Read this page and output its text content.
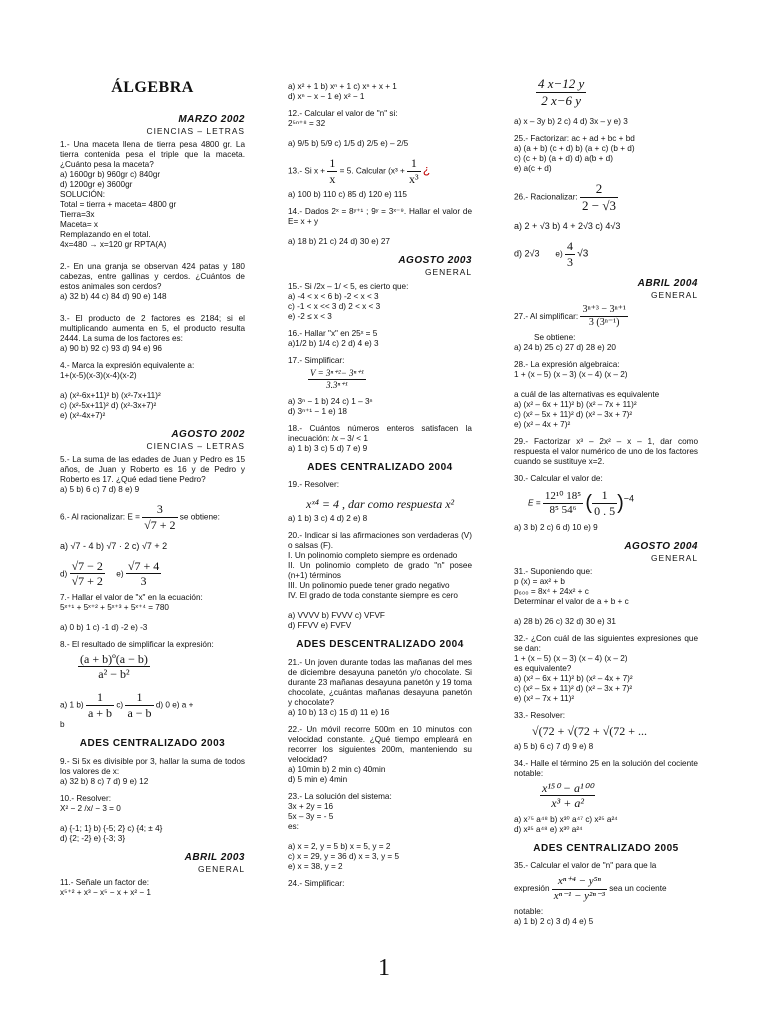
ÁLGEBRA
MARZO 2002
CIENCIAS – LETRAS

1.- Una maceta llena de tierra pesa 4800 gr. La tierra contenida pesa el triple que la maceta. ¿Cuánto pesa la maceta?
a) 1600gr b) 960gr c) 840gr
d) 1200gr e) 3600gr
SOLUCIÓN:
Total = tierra + maceta= 4800 gr
Tierra=3x
Maceta= x
Remplazando en el total.
4x=480 → x=120 gr RPTA(A)

2.- En una granja se observan 424 patas y 180 cabezas, entre gallinas y cerdos. ¿Cuántos de estos animales son cerdos?
a) 32 b) 44 c) 84 d) 90 e) 148

3.- El producto de 2 factores es 2184; si el multiplicando aumenta en 5, el producto resulta 2444. La suma de los factores es:
a) 90 b) 92 c) 93 d) 94 e) 96

4.- Marca la expresión equivalente a:
1+(x-5)(x-3)(x-4)(x-2)

a) (x²-6x+11)² b) (x²-7x+11)²
c) (x²-5x+11)² d) (x²-3x+7)²
e) (x²-4x+7)²

AGOSTO 2002
CIENCIAS – LETRAS

5.- La suma de las edades de Juan y Pedro es 15 años, de Juan y Roberto es 16 y de Pedro y Roberto es 17. ¿Qué edad tiene Pedro?
a) 5 b) 6 c) 7 d) 8 e) 9

6.- Al racionalizar: $E = \frac{3}{√7 + 2}$ se obtiene:
a) √7 - 4 b) √7 · 2 c) √7 + 2
$d) \frac{√7 - 2}{√7 + 2} e) \frac{√7 + 4}{3}$

7.- Hallar el valor de "x" en la ecuación:
5ˣ⁺¹ + 5ˣ⁺² + 5ˣ⁺³ + 5ˣ⁺⁴ = 780

a) 0 b) 1 c) -1 d) -2 e) -3

8.- El resultado de simplificar la expresión:

$\frac{\text{(a + b)º(a − b)}}{\text{a² − b²}}$
a) 1 $b) \frac{1}{a + b} c) \frac{1}{a - b} d$) 0 e) a +
b
ADES CENTRALIZADO 2003

9.- Si 5x es divisible por 3, hallar la suma de todos los valores de x:
a) 32 b) 8 c) 7 d) 9 e) 12

10.- Resolver:
X² − 2 /x/ − 3 = 0

a) {-1; 1} b) {-5; 2} c) {4; ± 4}
d) {2; -2} e) {-3; 3}

ABRIL 2003
GENERAL

11.- Señale un factor de:
x⁵⁺² + x³ − x⁵ − x + x² − 1

a) x² + 1 b) xⁿ + 1 c) xⁿ + x + 1
d) xⁿ − x − 1 e) x² − 1

12.- Calcular el valor de "n" si:
2⁵ⁿ⁺⁸ = 32

a) 9/5 b) 5/9 c) 1/5 d) 2/5 e) – 2/5

13.- Si $x + \frac{1}{x} = 5$. Calcular ($x^3 + \frac{1}{\text{x³}}$ ¿

a) 100 b) 110 c) 85 d) 120 e) 115

14.- Dados 2ˣ = 8ʸ⁺¹ ; 9ʸ = 3ˣ⁻⁹. Hallar el valor de E= x + y

a) 18 b) 21 c) 24 d) 30 e) 27

AGOSTO 2003
GENERAL

15.- Si /2x – 1/ < 5, es cierto que:
a) -4 < x < 6 b) -2 < x < 3
c) -1 < x << 3 d) 2 < x < 3
e) -2 ≤ x < 3

16.- Hallar "x" en 25ˣ = 5
a)1/2 b) 1/4 c) 2 d) 4 e) 3

17.- Simplificar:

$\frac{\text{V = 3ⁿ⁺²− 3ⁿ⁺¹}}{\text{3.3ⁿ⁺¹}}$

a) 3ⁿ − 1 b) 24 c) 1 – 3ⁿ
d) 3ⁿ⁺¹ − 1 e) 18

18.- Cuántos números enteros satisfacen la inecuación: /x – 3/ < 1
a) 1 b) 3 c) 5 d) 7 e) 9

ADES CENTRALIZADO 2004

19.- Resolver:

xˣ⁴ = 4 , dar como respuesta x²

a) 1 b) 3 c) 4 d) 2 e) 8

20.- Indicar si las afirmaciones son verdaderas (V) o salsas (F).
I. Un polinomio completo siempre es ordenado
II. Un polinomio completo de grado "n" posee (n+1) términos
III. Un polinomio puede tener grado negativo
IV. El grado de toda constante siempre es cero

a) VVVV b) FVVV c) VFVF
d) FFVV e) FVFV

ADES DESCENTRALIZADO 2004

21.- Un joven durante todas las mañanas del mes de diciembre desayuna panetón y/o chocolate. Si durante 23 mañanas desayuna panetón y 19 toma chocolate, ¿cuántas mañanas desayuna panetón y chocolate?
a) 10 b) 13 c) 15 d) 11 e) 16

22.- Un móvil recorre 500m en 10 minutos con velocidad constante. ¿Qué tiempo empleará en recorrer los siguientes 200m, manteniendo su velocidad?
a) 10min b) 2 min c) 40min
d) 5 min e) 4min

23.- La solución del sistema:
3x + 2y = 16
5x – 3y = - 5
es:

a) x = 2, y = 5 b) x = 5, y = 2
c) x = 29, y = 36 d) x = 3, y = 5
e) x = 38, y = 2

24.- Simplificar:

$\frac{4 x-12 y}{2 x-6 y}$

a) x – 3y b) 2 c) 4 d) 3x – y e) 3

25.- Factorizar: ac + ad + bc + bd
a) (a + b) (c + d) b) (a + c) (b + d)
c) (c + b) (a + d) d) a(b + d)
e) a(c + d)

26.- Racionalizar: $\frac{2}{2 - √3}$
a) 2 + √3 b) 4 + 2√3 c) 4√3
d) 2√3 $e) \frac{4}{3} √3$
ABRIL 2004
GENERAL
27.- Al simplificar: $\frac{\text{3ⁿ⁺³ − 3ⁿ⁺¹}}{\text{3 (3ⁿ⁻¹)}}$
Se obtiene:

a) 24 b) 25 c) 27 d) 28 e) 20

28.- La expresión algebraica:
1 + (x – 5) (x – 3) (x – 4) (x – 2)

a cuál de las alternativas es equivalente
a) (x² – 6x + 11)² b) (x² – 7x + 11)²
c) (x² – 5x + 11)² d) (x² – 3x + 7)²
e) (x² – 4x + 7)²

29.- Factorizar x³ – 2x² – x – 1, dar como respuesta el valor numérico de uno de los factores cuando se sustituye x=2.

30.- Calcular el valor de:

$E = \frac{\text{12¹⁰ 18⁵}}{\text{8⁵ 54⁶}}$ ( $\frac{1}{0 . 5} )^{-4}$

a) 3 b) 2 c) 6 d) 10 e) 9

AGOSTO 2004
GENERAL

31.- Suponiendo que:
p (x) = ax² + b
p₆₀₀ = 8x⁴ + 24x² + c
Determinar el valor de a + b + c

a) 28 b) 26 c) 32 d) 30 e) 31

32.- ¿Con cuál de las siguientes expresiones que se dan:
1 + (x – 5) (x – 3) (x – 4) (x – 2)
es equivalente?
a) (x² – 6x + 11)² b) (x² – 4x + 7)²
c) (x² – 5x + 11)² d) (x² – 3x + 7)²
e) (x² – 7x + 11)²

33.- Resolver:

√(72 + √(72 + √(72 + ...

a) 5 b) 6 c) 7 d) 9 e) 8

34.- Halle el término 25 en la solución del cociente notable:

$\frac{\text{x¹⁵⁰ − a¹⁰⁰}}{\text{x³ + a²}}$

a) x⁷⁵ a⁴⁸ b) x³⁰ a⁴⁷ c) x²⁵ a²⁴
d) x²⁵ a⁴⁸ e) x³⁰ a²⁴

ADES CENTRALIZADO 2005

35.- Calcular el valor de "n" para que la

expresión $\frac{\text{xⁿ⁺⁴ − y⁵ⁿ}}{\text{xⁿ⁻¹ − y²ⁿ⁻³}}$ sea un cociente

notable:
a) 1 b) 2 c) 3 d) 4 e) 5

1
